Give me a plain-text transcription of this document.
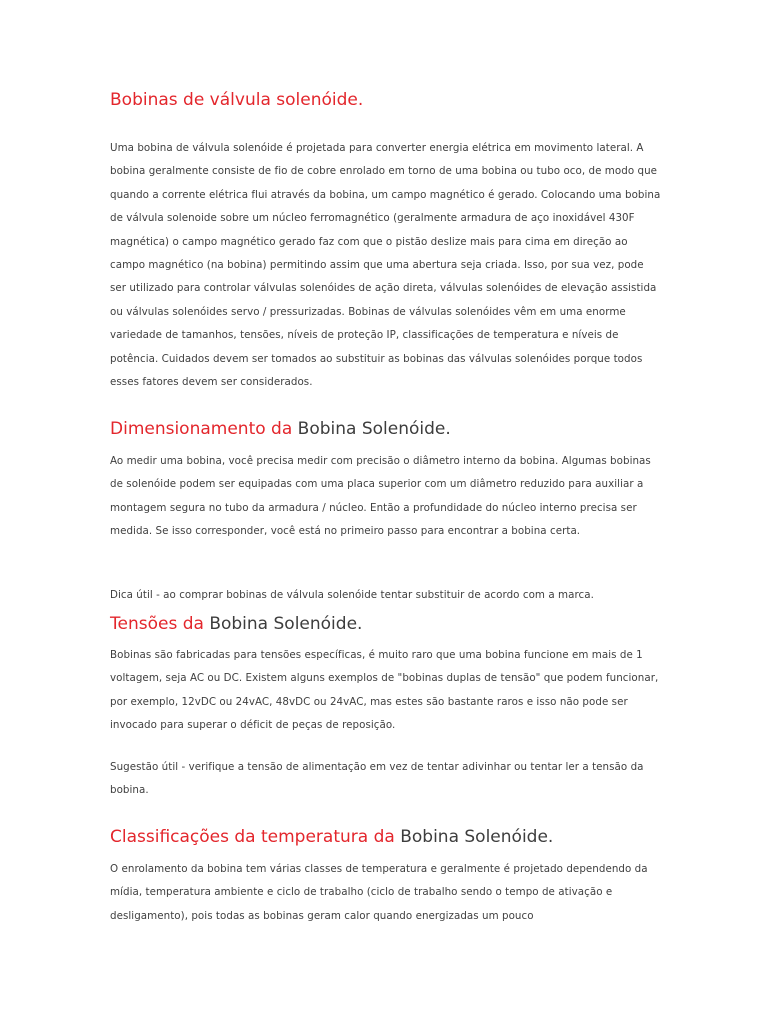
Bobinas de válvula solenóide.

Uma bobina de válvula solenóide é projetada para converter energia elétrica em movimento lateral. A bobina geralmente consiste de fio de cobre enrolado em torno de uma bobina ou tubo oco, de modo que quando a corrente elétrica flui através da bobina, um campo magnético é gerado. Colocando uma bobina de válvula solenoide sobre um núcleo ferromagnético (geralmente armadura de aço inoxidável 430F magnética) o campo magnético gerado faz com que o pistão deslize mais para cima em direção ao campo magnético (na bobina) permitindo assim que uma abertura seja criada. Isso, por sua vez, pode ser utilizado para controlar válvulas solenóides de ação direta, válvulas solenóides de elevação assistida ou válvulas solenóides servo / pressurizadas. Bobinas de válvulas solenóides vêm em uma enorme variedade de tamanhos, tensões, níveis de proteção IP, classificações de temperatura e níveis de potência. Cuidados devem ser tomados ao substituir as bobinas das válvulas solenóides porque todos esses fatores devem ser considerados.

Dimensionamento da Bobina Solenóide.

Ao medir uma bobina, você precisa medir com precisão o diâmetro interno da bobina. Algumas bobinas de solenóide podem ser equipadas com uma placa superior com um diâmetro reduzido para auxiliar a montagem segura no tubo da armadura / núcleo. Então a profundidade do núcleo interno precisa ser medida. Se isso corresponder, você está no primeiro passo para encontrar a bobina certa.

Dica útil - ao comprar bobinas de válvula solenóide tentar substituir de acordo com a marca.

Tensões da Bobina Solenóide.

Bobinas são fabricadas para tensões específicas, é muito raro que uma bobina funcione em mais de 1 voltagem, seja AC ou DC. Existem alguns exemplos de "bobinas duplas de tensão" que podem funcionar, por exemplo, 12vDC ou 24vAC, 48vDC ou 24vAC, mas estes são bastante raros e isso não pode ser invocado para superar o déficit de peças de reposição.

Sugestão útil - verifique a tensão de alimentação em vez de tentar adivinhar ou tentar ler a tensão da bobina.

Classificações da temperatura da Bobina Solenóide.

O enrolamento da bobina tem várias classes de temperatura e geralmente é projetado dependendo da mídia, temperatura ambiente e ciclo de trabalho (ciclo de trabalho sendo o tempo de ativação e desligamento), pois todas as bobinas geram calor quando energizadas um pouco
